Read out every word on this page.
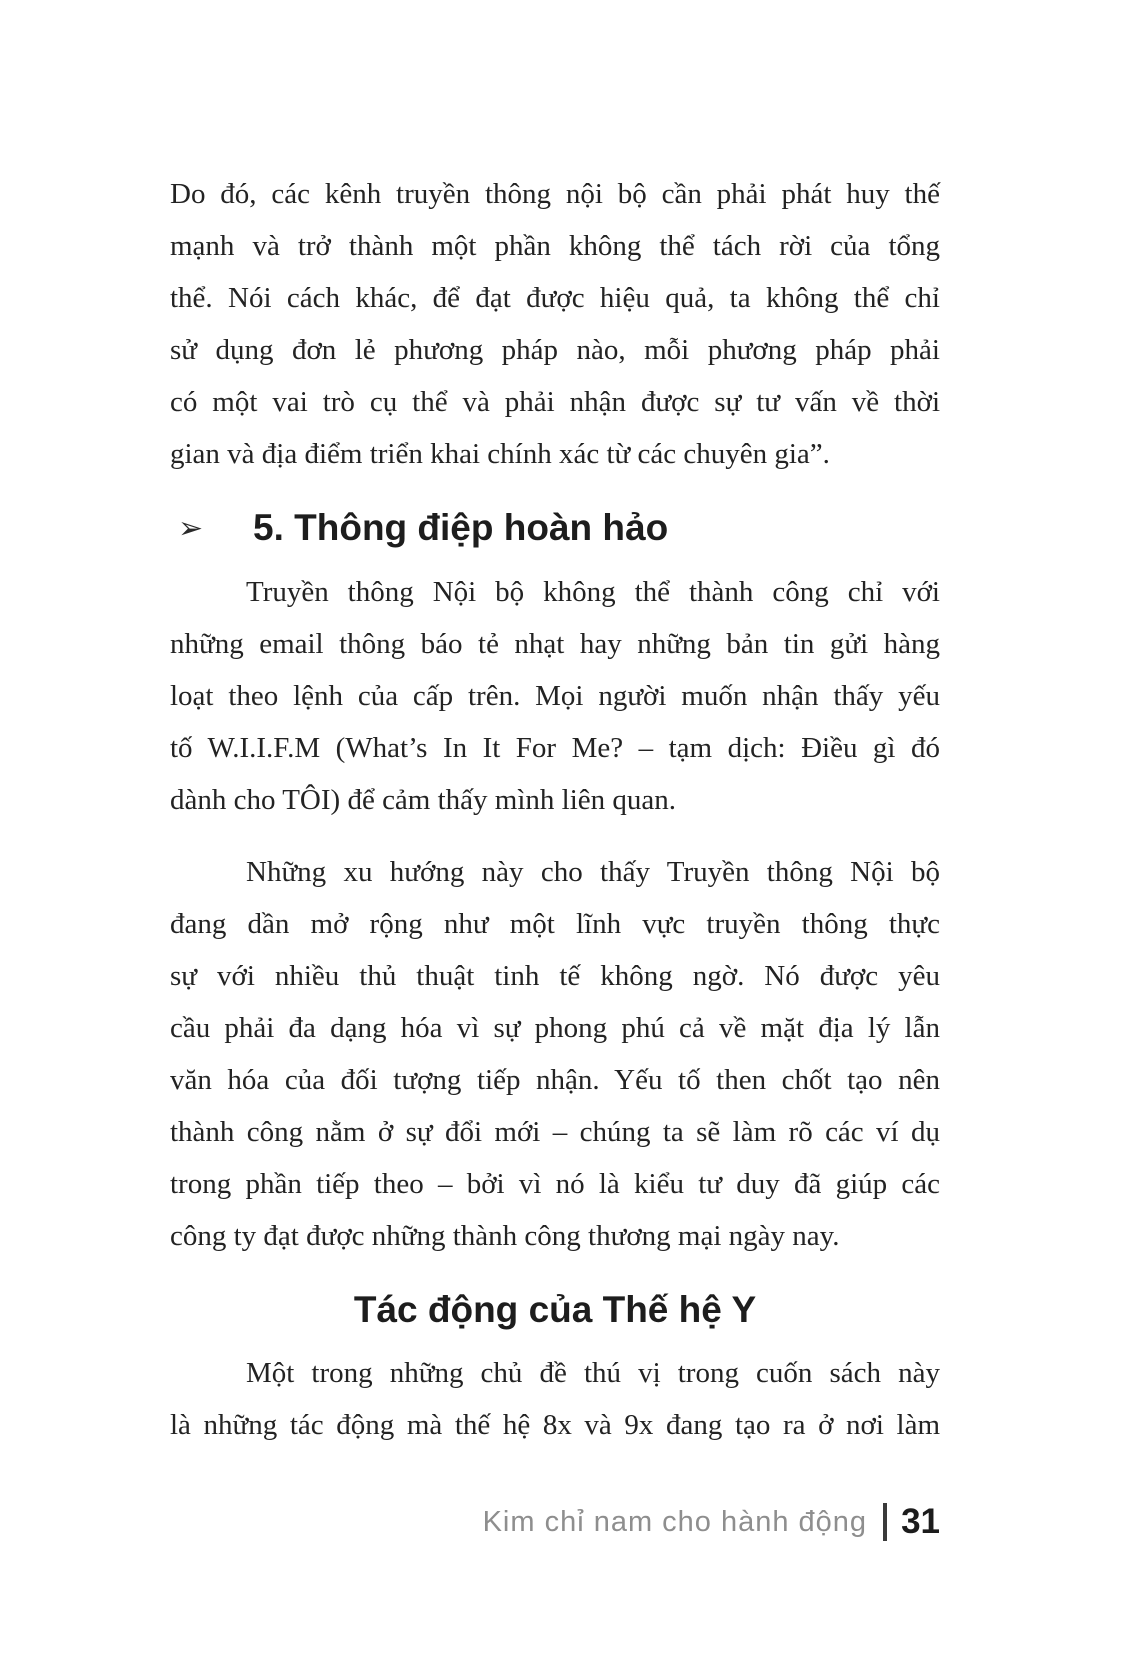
Do đó, các kênh truyền thông nội bộ cần phải phát huy thế
mạnh và trở thành một phần không thể tách rời của tổng
thể. Nói cách khác, để đạt được hiệu quả, ta không thể chỉ
sử dụng đơn lẻ phương pháp nào, mỗi phương pháp phải
có một vai trò cụ thể và phải nhận được sự tư vấn về thời
gian và địa điểm triển khai chính xác từ các chuyên gia”.
➢ 5. Thông điệp hoàn hảo
Truyền thông Nội bộ không thể thành công chỉ với
những email thông báo tẻ nhạt hay những bản tin gửi hàng
loạt theo lệnh của cấp trên. Mọi người muốn nhận thấy yếu
tố W.I.I.F.M (What’s In It For Me? – tạm dịch: Điều gì đó
dành cho TÔI) để cảm thấy mình liên quan.
Những xu hướng này cho thấy Truyền thông Nội bộ
đang dần mở rộng như một lĩnh vực truyền thông thực
sự với nhiều thủ thuật tinh tế không ngờ. Nó được yêu
cầu phải đa dạng hóa vì sự phong phú cả về mặt địa lý lẫn
văn hóa của đối tượng tiếp nhận. Yếu tố then chốt tạo nên
thành công nằm ở sự đổi mới – chúng ta sẽ làm rõ các ví dụ
trong phần tiếp theo – bởi vì nó là kiểu tư duy đã giúp các
công ty đạt được những thành công thương mại ngày nay.
Tác động của Thế hệ Y
Một trong những chủ đề thú vị trong cuốn sách này
là những tác động mà thế hệ 8x và 9x đang tạo ra ở nơi làm
Kim chỉ nam cho hành động 31
